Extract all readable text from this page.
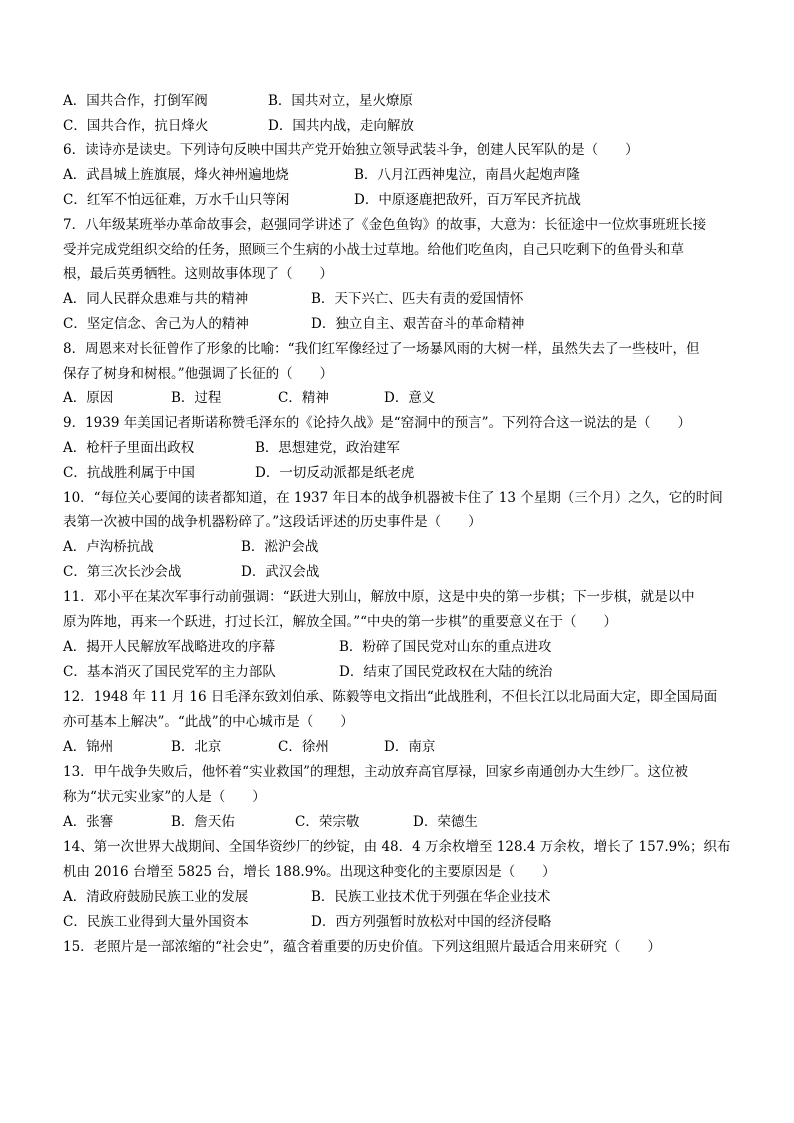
A．国共合作，打倒军阀	B．国共对立，星火燎原
C．国共合作，抗日烽火	D．国共内战，走向解放
6．读诗亦是读史。下列诗句反映中国共产党开始独立领导武装斗争，创建人民军队的是（　　）
A．武昌城上旌旗展，烽火神州遍地烧	B．八月江西神鬼泣，南昌火起炮声隆
C．红军不怕远征难，万水千山只等闲	D．中原逐鹿把敌歼，百万军民齐抗战
7．八年级某班举办革命故事会，赵强同学讲述了《金色鱼钩》的故事，大意为：长征途中一位炊事班班长接
受并完成党组织交给的任务，照顾三个生病的小战士过草地。给他们吃鱼肉，自己只吃剩下的鱼骨头和草
根，最后英勇牺牲。这则故事体现了（　　）
A．同人民群众患难与共的精神	B．天下兴亡、匹夫有责的爱国情怀
C．坚定信念、舍己为人的精神	D．独立自主、艰苦奋斗的革命精神
8．周恩来对长征曾作了形象的比喻：“我们红军像经过了一场暴风雨的大树一样，虽然失去了一些枝叶，但
保存了树身和树根。”他强调了长征的（　　）
A．原因	B．过程	C．精神	D．意义
9．1939 年美国记者斯诺称赞毛泽东的《论持久战》是“窑洞中的预言”。下列符合这一说法的是（　　）
A．枪杆子里面出政权	B．思想建党，政治建军
C．抗战胜利属于中国	D．一切反动派都是纸老虎
10．“每位关心要闻的读者都知道，在 1937 年日本的战争机器被卡住了 13 个星期（三个月）之久，它的时间
表第一次被中国的战争机器粉碎了。”这段话评述的历史事件是（　　）
A．卢沟桥抗战	B．淞沪会战
C．第三次长沙会战	D．武汉会战
11．邓小平在某次军事行动前强调：“跃进大别山，解放中原，这是中央的第一步棋；下一步棋，就是以中
原为阵地，再来一个跃进，打过长江，解放全国。”“中央的第一步棋”的重要意义在于（　　）
A．揭开人民解放军战略进攻的序幕	B．粉碎了国民党对山东的重点进攻
C．基本消灭了国民党军的主力部队	D．结束了国民党政权在大陆的统治
12．1948 年 11 月 16 日毛泽东致刘伯承、陈毅等电文指出“此战胜利，不但长江以北局面大定，即全国局面
亦可基本上解决”。“此战”的中心城市是（　　）
A．锦州	B．北京	C．徐州	D．南京
13．甲午战争失败后，他怀着“实业救国”的理想，主动放弃高官厚禄，回家乡南通创办大生纱厂。这位被
称为“状元实业家”的人是（　　）
A．张謇	B．詹天佑	C．荣宗敬	D．荣德生
14、第一次世界大战期间、全国华资纱厂的纱锭，由 48．4 万余枚增至 128.4 万余枚，增长了 157.9%；织布
机由 2016 台增至 5825 台，增长 188.9%。出现这种变化的主要原因是（　　）
A．清政府鼓励民族工业的发展	B．民族工业技术优于列强在华企业技术
C．民族工业得到大量外国资本	D．西方列强暂时放松对中国的经济侵略
15．老照片是一部浓缩的“社会史”，蕴含着重要的历史价值。下列这组照片最适合用来研究（　　）
